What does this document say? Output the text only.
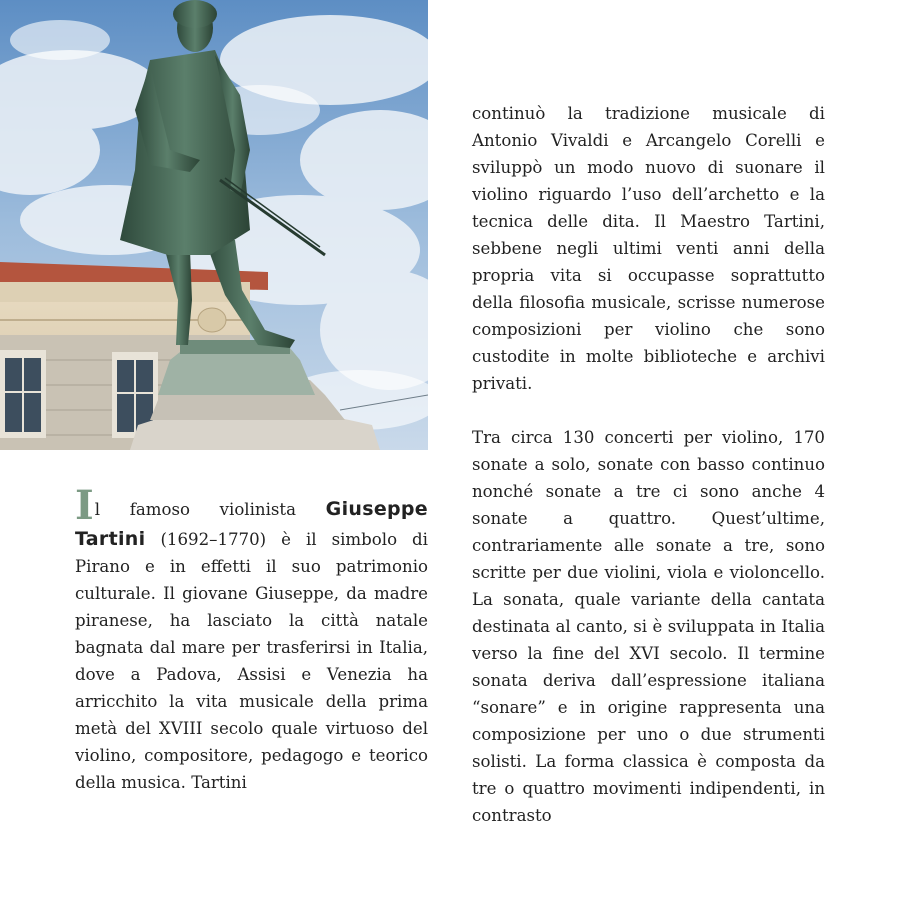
Il famoso violinista Giuseppe Tartini (1692–1770) è il simbolo di Pirano e in effetti il suo patrimonio culturale. Il giovane Giuseppe, da madre piranese, ha lasciato la città natale bagnata dal mare per trasferirsi in Italia, dove a Padova, Assisi e Venezia ha arricchito la vita musicale della prima metà del XVIII secolo quale virtuoso del violino, compositore, pedagogo e teorico della musica. Tartini

continuò la tradizione musicale di Antonio Vivaldi e Arcangelo Corelli e sviluppò un modo nuovo di suonare il violino riguardo l’uso dell’archetto e la tecnica delle dita. Il Maestro Tartini, sebbene negli ultimi venti anni della propria vita si occupasse soprattutto della filosofia musicale, scrisse numerose composizioni per violino che sono custodite in molte biblioteche e archivi privati.

Tra circa 130 concerti per violino, 170 sonate a solo, sonate con basso continuo nonché sonate a tre ci sono anche 4 sonate a quattro. Quest’ultime, contrariamente alle sonate a tre, sono scritte per due violini, viola e violoncello. La sonata, quale variante della cantata destinata al canto, si è sviluppata in Italia verso la fine del XVI secolo. Il termine sonata deriva dall’espressione italiana “sonare” e in origine rappresenta una composizione per uno o due strumenti solisti. La forma classica è composta da tre o quattro movimenti indipendenti, in contrasto
